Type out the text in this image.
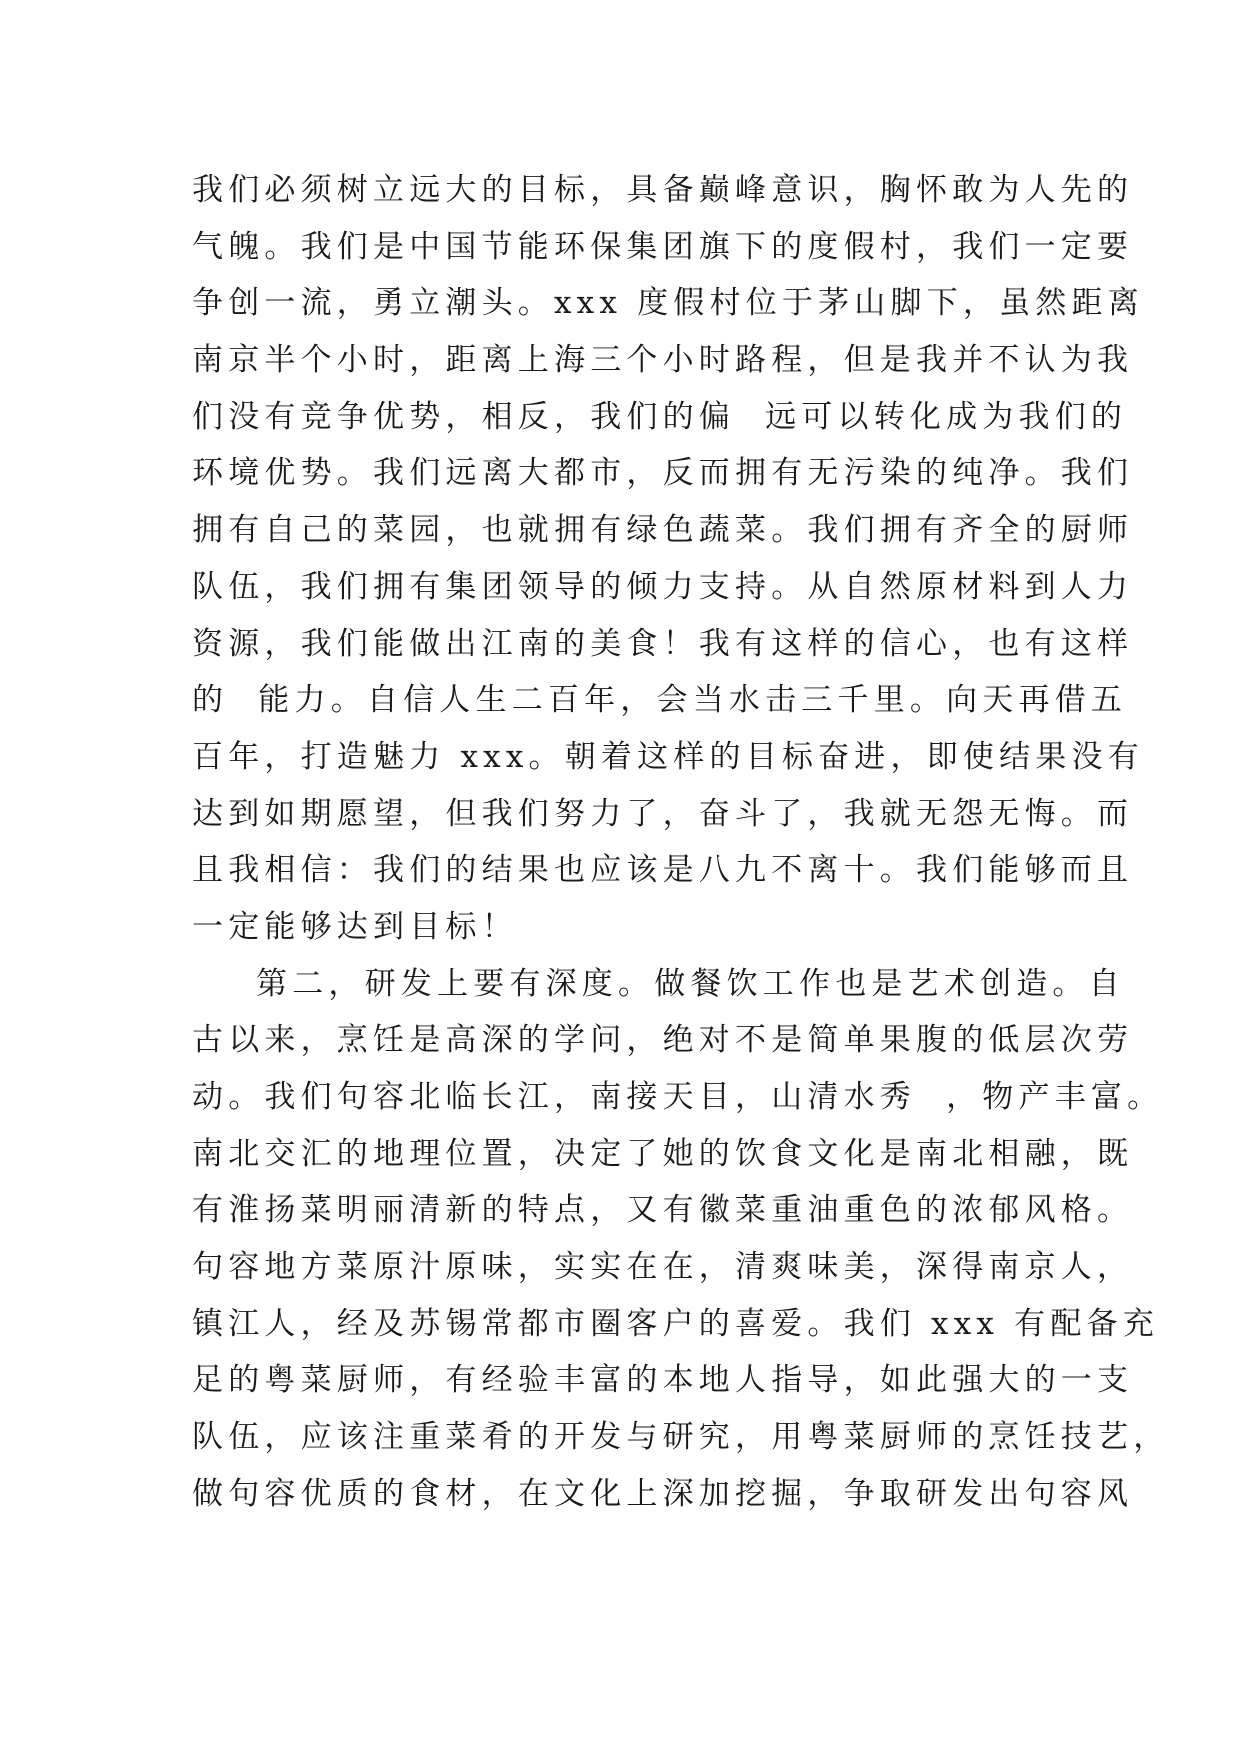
我们必须树立远大的目标，具备巅峰意识，胸怀敢为人先的
气魄。我们是中国节能环保集团旗下的度假村，我们一定要
争创一流，勇立潮头。xxx 度假村位于茅山脚下，虽然距离
南京半个小时，距离上海三个小时路程，但是我并不认为我
们没有竞争优势，相反，我们的偏  远可以转化成为我们的
环境优势。我们远离大都市，反而拥有无污染的纯净。我们
拥有自己的菜园，也就拥有绿色蔬菜。我们拥有齐全的厨师
队伍，我们拥有集团领导的倾力支持。从自然原材料到人力
资源，我们能做出江南的美食！我有这样的信心，也有这样
的  能力。自信人生二百年，会当水击三千里。向天再借五
百年，打造魅力 xxx。朝着这样的目标奋进，即使结果没有
达到如期愿望，但我们努力了，奋斗了，我就无怨无悔。而
且我相信：我们的结果也应该是八九不离十。我们能够而且
一定能够达到目标！
第二，研发上要有深度。做餐饮工作也是艺术创造。自
古以来，烹饪是高深的学问，绝对不是简单果腹的低层次劳
动。我们句容北临长江，南接天目，山清水秀  ，物产丰富。
南北交汇的地理位置，决定了她的饮食文化是南北相融，既
有淮扬菜明丽清新的特点，又有徽菜重油重色的浓郁风格。
句容地方菜原汁原味，实实在在，清爽味美，深得南京人，
镇江人，经及苏锡常都市圈客户的喜爱。我们 xxx 有配备充
足的粤菜厨师，有经验丰富的本地人指导，如此强大的一支
队伍，应该注重菜肴的开发与研究，用粤菜厨师的烹饪技艺，
做句容优质的食材，在文化上深加挖掘，争取研发出句容风
